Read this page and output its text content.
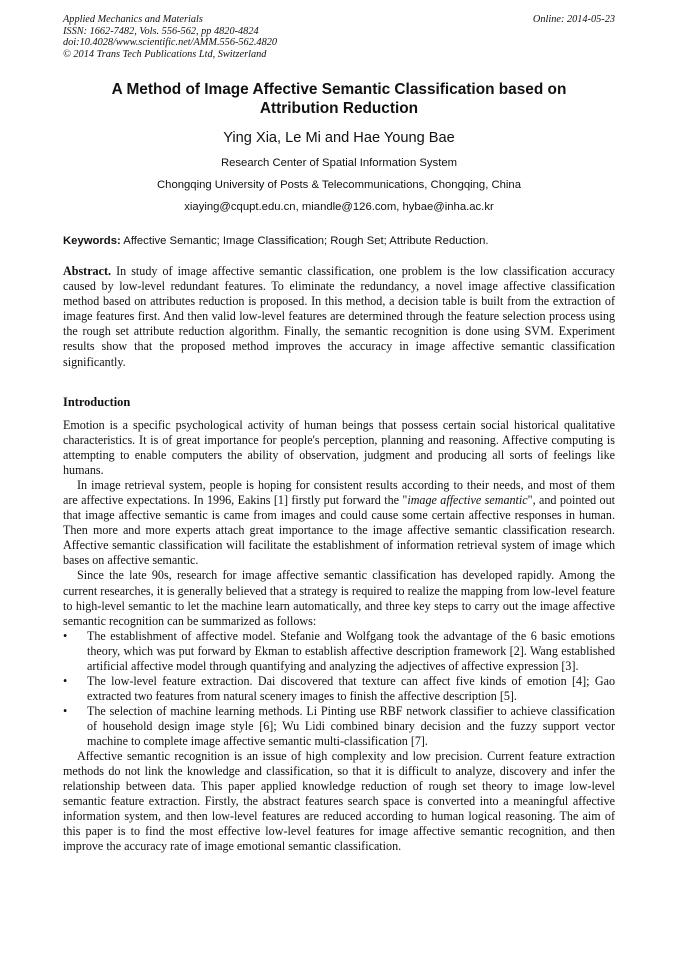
Applied Mechanics and Materials
ISSN: 1662-7482, Vols. 556-562, pp 4820-4824
doi:10.4028/www.scientific.net/AMM.556-562.4820
© 2014 Trans Tech Publications Ltd, Switzerland
Online: 2014-05-23
A Method of Image Affective Semantic Classification based on
Attribution Reduction
Ying Xia, Le Mi and Hae Young Bae
Research Center of Spatial Information System
Chongqing University of Posts & Telecommunications, Chongqing, China
xiaying@cqupt.edu.cn, miandle@126.com, hybae@inha.ac.kr
Keywords: Affective Semantic; Image Classification; Rough Set; Attribute Reduction.
Abstract. In study of image affective semantic classification, one problem is the low classification accuracy caused by low-level redundant features. To eliminate the redundancy, a novel image affective classification method based on attributes reduction is proposed. In this method, a decision table is built from the extraction of image features first. And then valid low-level features are determined through the feature selection process using the rough set attribute reduction algorithm. Finally, the semantic recognition is done using SVM. Experiment results show that the proposed method improves the accuracy in image affective semantic classification significantly.
Introduction

Emotion is a specific psychological activity of human beings that possess certain social historical qualitative characteristics. It is of great importance for people's perception, planning and reasoning. Affective computing is attempting to enable computers the ability of observation, judgment and producing all sorts of feelings like humans.

In image retrieval system, people is hoping for consistent results according to their needs, and most of them are affective expectations. In 1996, Eakins [1] firstly put forward the "image affective semantic", and pointed out that image affective semantic is came from images and could cause some certain affective responses in human. Then more and more experts attach great importance to the image affective semantic classification research. Affective semantic classification will facilitate the establishment of information retrieval system of image which bases on affective semantic.

Since the late 90s, research for image affective semantic classification has developed rapidly. Among the current researches, it is generally believed that a strategy is required to realize the mapping from low-level feature to high-level semantic to let the machine learn automatically, and three key steps to carry out the image affective semantic recognition can be summarized as follows:

• The establishment of affective model. Stefanie and Wolfgang took the advantage of the 6 basic emotions theory, which was put forward by Ekman to establish affective description framework [2]. Wang established artificial affective model through quantifying and analyzing the adjectives of affective expression [3].
• The low-level feature extraction. Dai discovered that texture can affect five kinds of emotion [4]; Gao extracted two features from natural scenery images to finish the affective description [5].
• The selection of machine learning methods. Li Pinting use RBF network classifier to achieve classification of household design image style [6]; Wu Lidi combined binary decision and the fuzzy support vector machine to complete image affective semantic multi-classification [7].

Affective semantic recognition is an issue of high complexity and low precision. Current feature extraction methods do not link the knowledge and classification, so that it is difficult to analyze, discovery and infer the relationship between data. This paper applied knowledge reduction of rough set theory to image low-level semantic feature extraction. Firstly, the abstract features search space is converted into a meaningful affective information system, and then low-level features are reduced according to human logical reasoning. The aim of this paper is to find the most effective low-level features for image affective semantic recognition, and then improve the accuracy rate of image emotional semantic classification.
